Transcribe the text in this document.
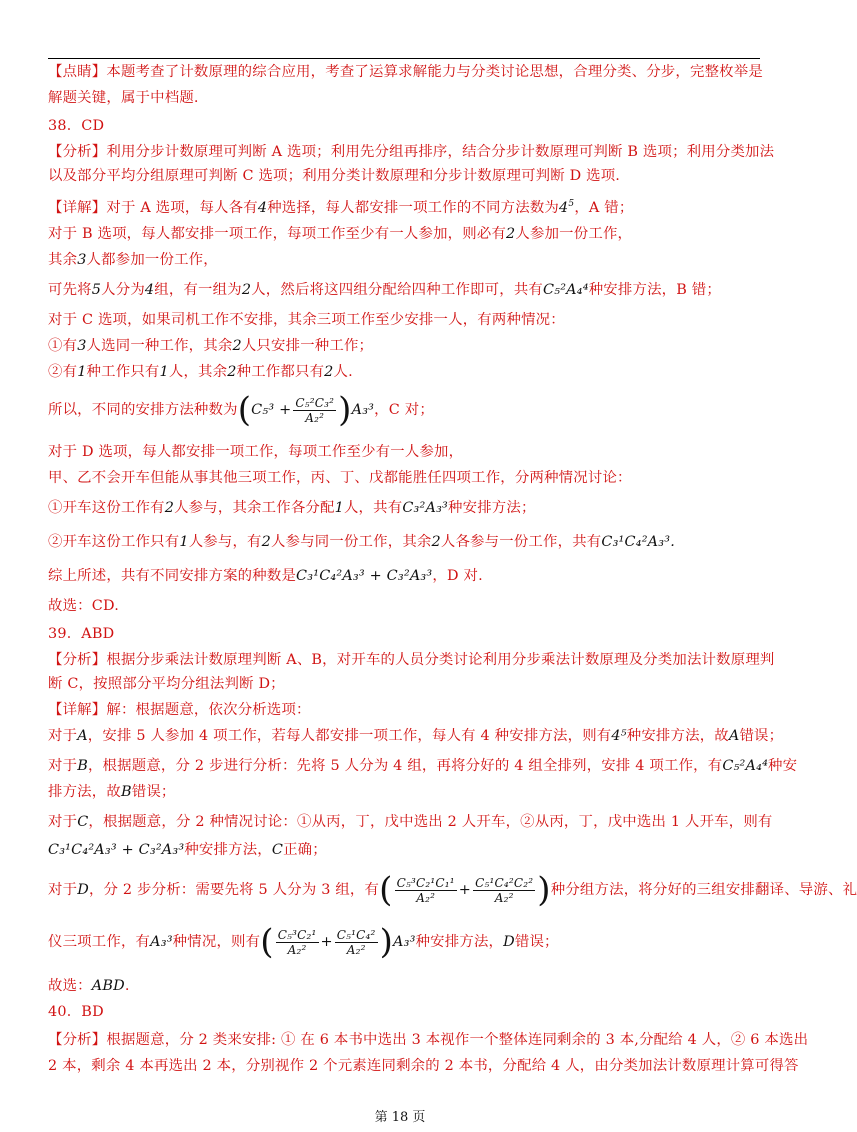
【点睛】本题考查了计数原理的综合应用，考查了运算求解能力与分类讨论思想，合理分类、分步，完整枚举是
解题关键，属于中档题.
38．CD
【分析】利用分步计数原理可判断 A 选项；利用先分组再排序，结合分步计数原理可判断 B 选项；利用分类加法
以及部分平均分组原理可判断 C 选项；利用分类计数原理和分步计数原理可判断 D 选项.
【详解】对于 A 选项，每人各有4种选择，每人都安排一项工作的不同方法数为$4^5$，A 错；
对于 B 选项，每人都安排一项工作，每项工作至少有一人参加，则必有2人参加一份工作，
其余3人都参加一份工作，
可先将5人分为4组，有一组为2人，然后将这四组分配给四种工作即可，共有C₅²A₄⁴种安排方法，B 错；
对于 C 选项，如果司机工作不安排，其余三项工作至少安排一人，有两种情况：
①有3人选同一种工作，其余2人只安排一种工作；
②有1种工作只有1人，其余2种工作都只有2人.
所以，不同的安排方法种数为$(C_5^3 + \frac{\text{C₅²C₃²}}{\text{A₂²}} )A_3^3$，C 对；
对于 D 选项，每人都安排一项工作，每项工作至少有一人参加，
甲、乙不会开车但能从事其他三项工作，丙、丁、戊都能胜任四项工作，分两种情况讨论：
①开车这份工作有2人参与，其余工作各分配1人，共有C₃²A₃³种安排方法；
②开车这份工作只有1人参与，有2人参与同一份工作，其余2人各参与一份工作，共有C₃¹C₄²A₃³.
综上所述，共有不同安排方案的种数是C₃¹C₄²A₃³ + C₃²A₃³，D 对.
故选：CD.
39．ABD
【分析】根据分步乘法计数原理判断 A、B，对开车的人员分类讨论利用分步乘法计数原理及分类加法计数原理判
断 C，按照部分平均分组法判断 D；
【详解】解：根据题意，依次分析选项：
对于A，安排 5 人参加 4 项工作，若每人都安排一项工作，每人有 4 种安排方法，则有4⁵种安排方法，故A错误；
对于B，根据题意，分 2 步进行分析：先将 5 人分为 4 组，再将分好的 4 组全排列，安排 4 项工作，有C₅²A₄⁴种安
排方法，故B错误；
对于C，根据题意，分 2 种情况讨论：①从丙，丁，戊中选出 2 人开车，②从丙，丁，戊中选出 1 人开车，则有
C₃¹C₄²A₃³ + C₃²A₃³种安排方法，C正确；
对于D，分 2 步分析：需要先将 5 人分为 3 组，有( $\frac{\text{C₅³C₂¹C₁¹}}{\text{A₂²}} + \frac{\text{C₅¹C₄²C₂²}}{\text{A₂²}}$ )种分组方法，将分好的三组安排翻译、导游、礼
仪三项工作，有A₃³种情况，则有( $\frac{\text{C₅³C₂¹}}{\text{A₂²}} + \frac{\text{C₅¹C₄²}}{\text{A₂²}} )A_3^3$种安排方法，D错误；
故选：ABD.
40．BD
【分析】根据题意，分 2 类来安排: ① 在 6 本书中选出 3 本视作一个整体连同剩余的 3 本,分配给 4 人，② 6 本选出
2 本，剩余 4 本再选出 2 本，分别视作 2 个元素连同剩余的 2 本书，分配给 4 人，由分类加法计数原理计算可得答
第 18 页
